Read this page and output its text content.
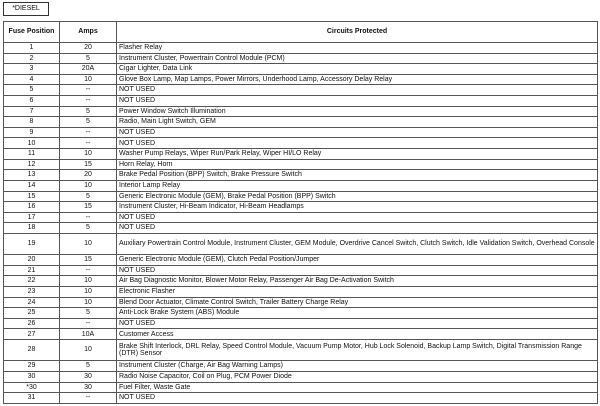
*DIESEL
Fuse Position	Amps	Circuits Protected
1	20	Flasher Relay
2	5	Instrument Cluster, Powertrain Control Module (PCM)
3	20A	Cigar Lighter, Data Link
4	10	Glove Box Lamp, Map Lamps, Power Mirrors, Underhood Lamp, Accessory Delay Relay
5	--	NOT USED
6	--	NOT USED
7	5	Power Window Switch Illumination
8	5	Radio, Main Light Switch, GEM
9	--	NOT USED
10	--	NOT USED
11	10	Washer Pump Relays, Wiper Run/Park Relay, Wiper HI/LO Relay
12	15	Horn Relay, Horn
13	20	Brake Pedal Position (BPP) Switch, Brake Pressure Switch
14	10	Interior Lamp Relay
15	5	Generic Electronic Module (GEM), Brake Pedal Position (BPP) Switch
16	15	Instrument Cluster, Hi-Beam Indicator, Hi-Beam Headlamps
17	--	NOT USED
18	5	NOT USED
19	10	Auxiliary Powertrain Control Module, Instrument Cluster, GEM Module, Overdrive Cancel Switch, Clutch Switch, Idle Validation Switch, Overhead Console
20	15	Generic Electronic Module (GEM), Clutch Pedal Position/Jumper
21	--	NOT USED
22	10	Air Bag Diagnostic Monitor, Blower Motor Relay, Passenger Air Bag De-Activation Switch
23	10	Electronic Flasher
24	10	Blend Door Actuator, Climate Control Switch, Trailer Battery Charge Relay
25	5	Anti-Lock Brake System (ABS) Module
26	--	NOT USED
27	10A	Customer Access
28	10	Brake Shift Interlock, DRL Relay, Speed Control Module, Vacuum Pump Motor, Hub Lock Solenoid, Backup Lamp Switch, Digital Transmission Range (DTR) Sensor
29	5	Instrument Cluster (Charge, Air Bag Warning Lamps)
30	30	Radio Noise Capacitor, Coil on Plug, PCM Power Diode
*30	30	Fuel Filter, Waste Gate
31	--	NOT USED
